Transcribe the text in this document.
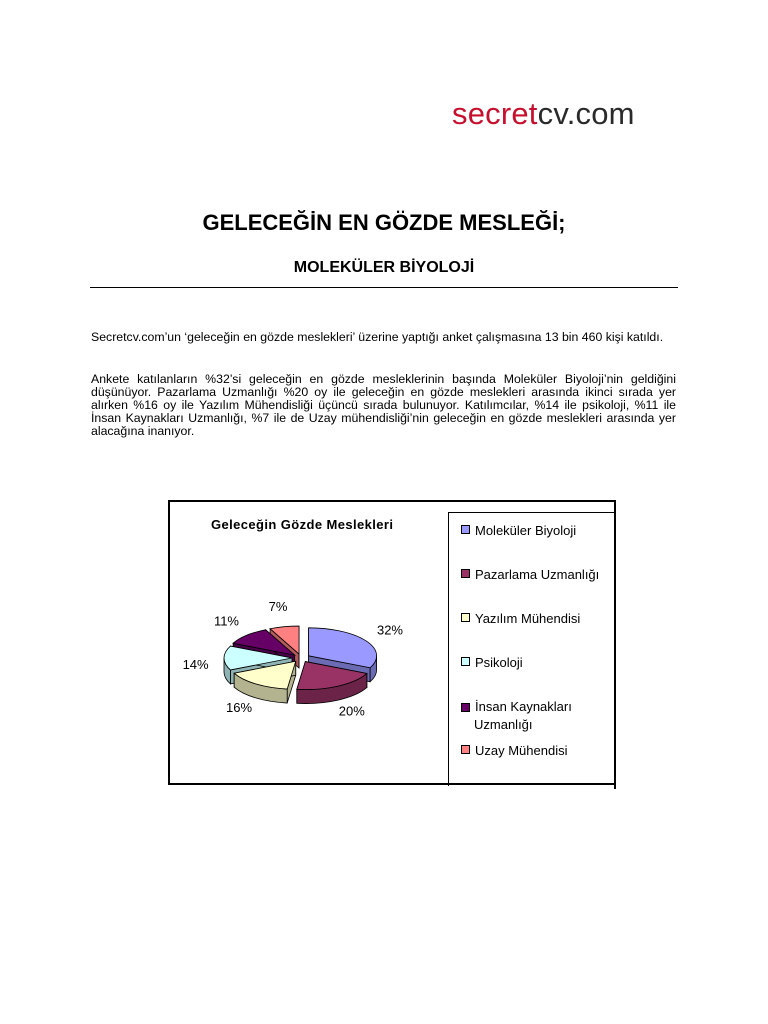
secretcv.com
GELECEĞİN EN GÖZDE MESLEĞİ;
MOLEKÜLER BİYOLOJİ
Secretcv.com’un ‘geleceğin en gözde meslekleri’ üzerine yaptığı anket çalışmasına 13 bin 460 kişi katıldı.
Ankete katılanların %32’si geleceğin en gözde mesleklerinin başında Moleküler Biyoloji’nin geldiğini düşünüyor. Pazarlama Uzmanlığı %20 oy ile geleceğin en gözde meslekleri arasında ikinci sırada yer alırken %16 oy ile Yazılım Mühendisliği üçüncü sırada bulunuyor. Katılımcılar, %14 ile psikoloji, %11 ile İnsan Kaynakları Uzmanlığı, %7 ile de Uzay mühendisliği’nin geleceğin en gözde meslekleri arasında yer alacağına inanıyor.
Geleceğin Gözde Meslekleri
32%
20%
16%
14%
11%
7%
Moleküler Biyoloji
Pazarlama Uzmanlığı
Yazılım Mühendisi
Psikoloji
İnsan Kaynakları Uzmanlığı
Uzay Mühendisi
